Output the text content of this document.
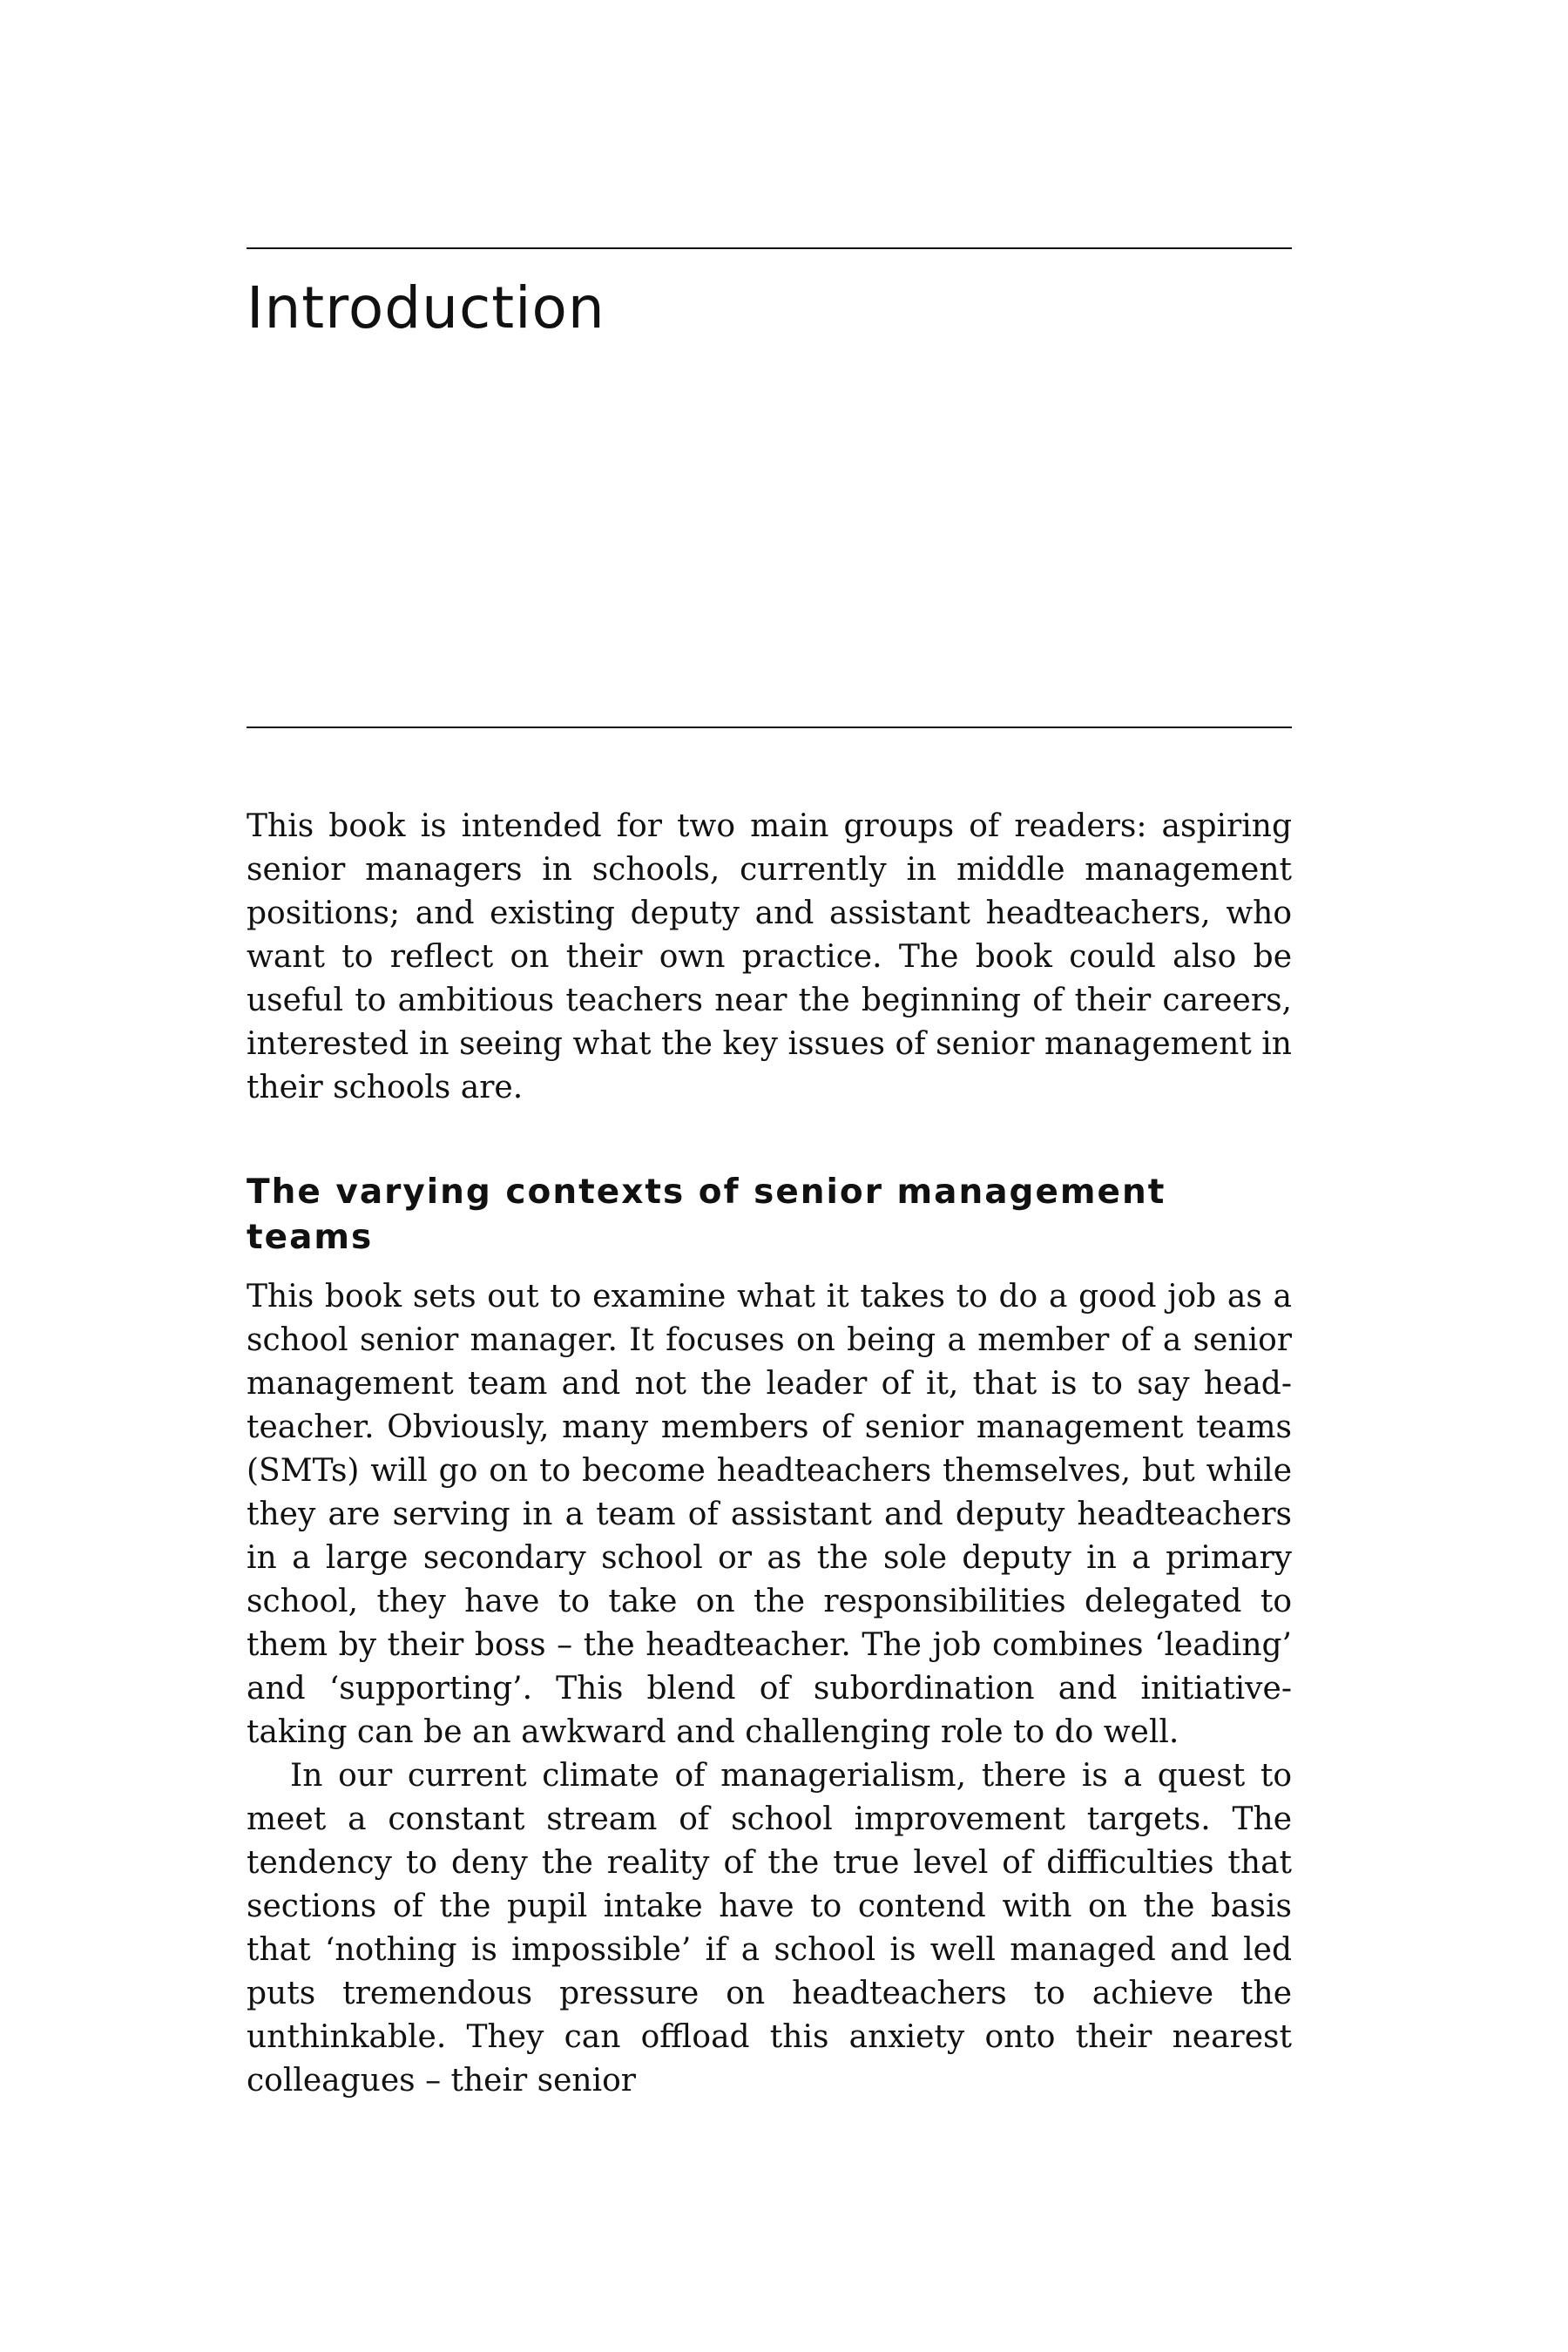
Introduction

This book is intended for two main groups of readers: aspiring senior managers in schools, currently in middle management positions; and existing deputy and assistant headteachers, who want to reflect on their own practice. The book could also be useful to ambitious teachers near the beginning of their careers, interested in seeing what the key issues of senior management in their schools are.

The varying contexts of senior management teams

This book sets out to examine what it takes to do a good job as a school senior manager. It focuses on being a member of a senior management team and not the leader of it, that is to say headteacher. Obviously, many members of senior management teams (SMTs) will go on to become headteachers themselves, but while they are serving in a team of assistant and deputy headteachers in a large secondary school or as the sole deputy in a primary school, they have to take on the responsibilities delegated to them by their boss – the headteacher. The job combines ‘leading’ and ‘supporting’. This blend of subordination and initiative-taking can be an awkward and challenging role to do well.

In our current climate of managerialism, there is a quest to meet a constant stream of school improvement targets. The tendency to deny the reality of the true level of difficulties that sections of the pupil intake have to contend with on the basis that ‘nothing is impossible’ if a school is well managed and led puts tremendous pressure on headteachers to achieve the unthinkable. They can offload this anxiety onto their nearest colleagues – their senior
